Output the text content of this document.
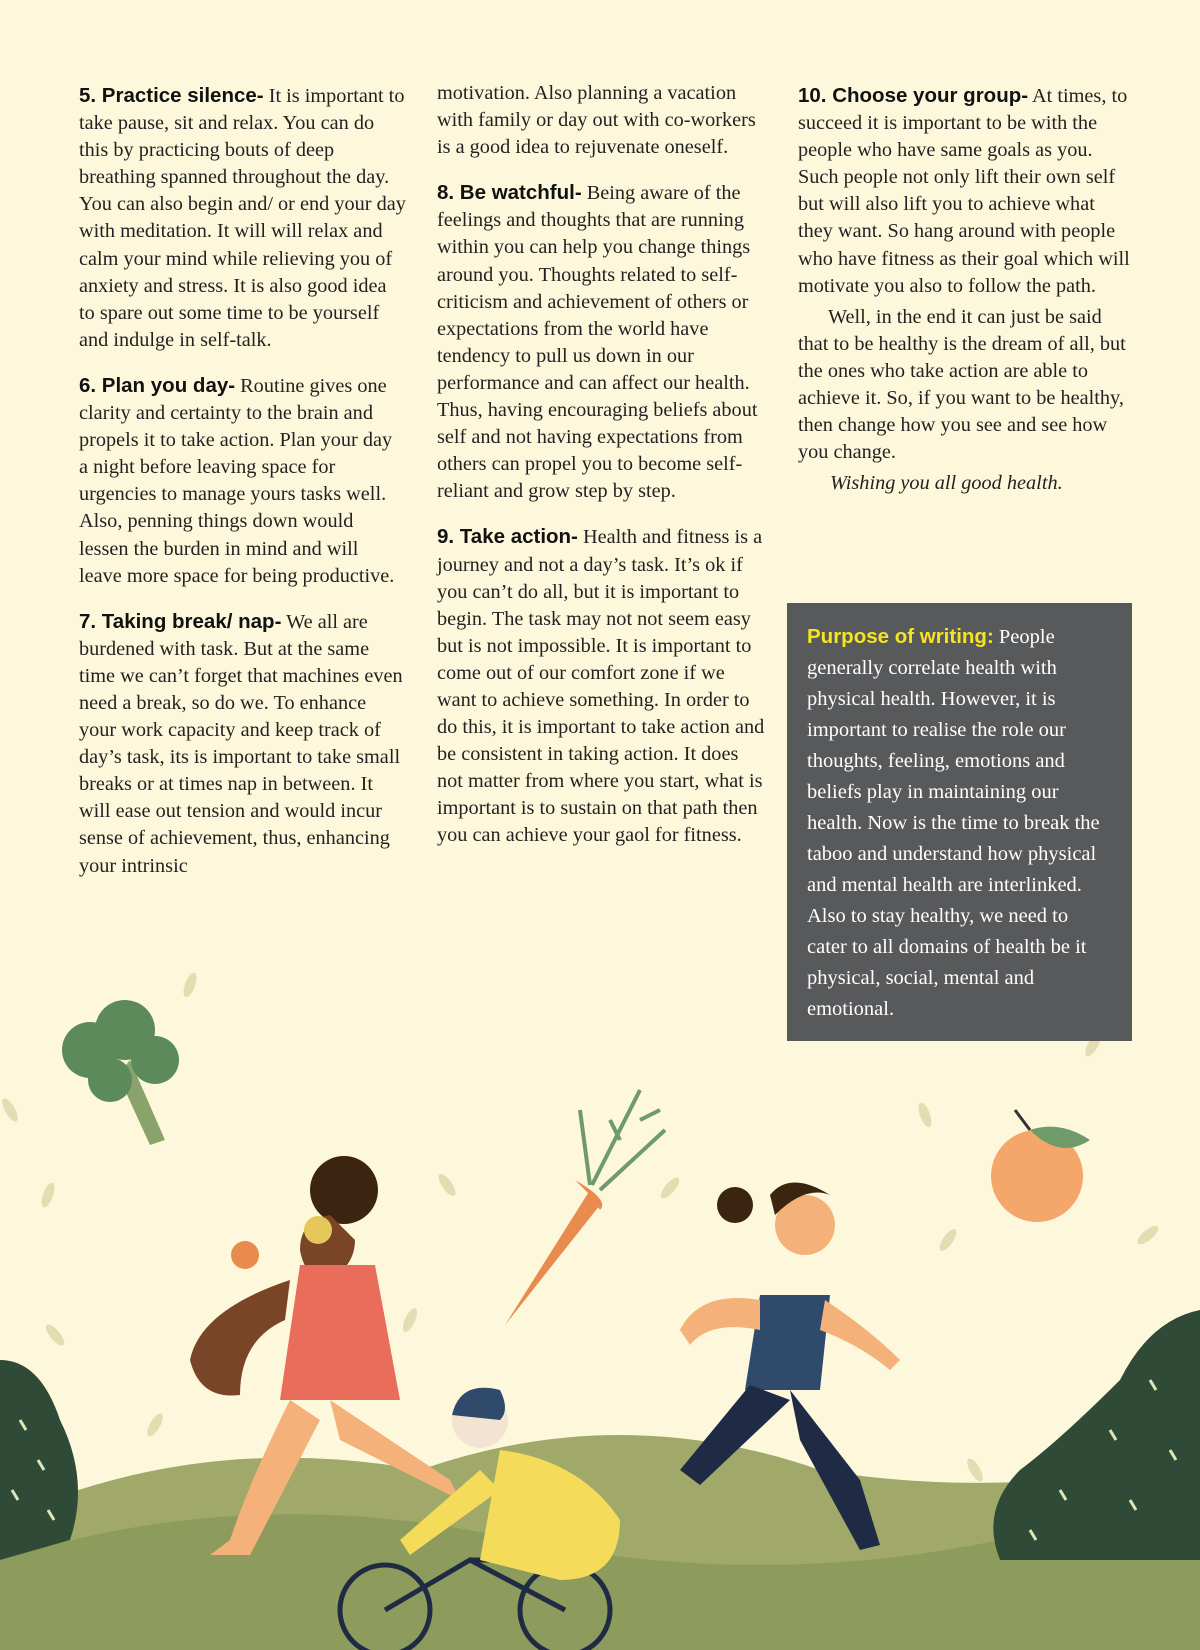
5. Practice silence- It is important to take pause, sit and relax. You can do this by practicing bouts of deep breathing spanned throughout the day. You can also begin and/ or end your day with meditation. It will will relax and calm your mind while relieving you of anxiety and stress. It is also good idea to spare out some time to be yourself and indulge in self-talk.

6. Plan you day- Routine gives one clarity and certainty to the brain and propels it to take action. Plan your day a night before leaving space for urgencies to manage yours tasks well. Also, penning things down would lessen the burden in mind and will leave more space for being productive.

7. Taking break/ nap- We all are burdened with task. But at the same time we can’t forget that machines even need a break, so do we. To enhance your work capacity and keep track of day’s task, its is important to take small breaks or at times nap in between. It will ease out tension and would incur sense of achievement, thus, enhancing your intrinsic

motivation. Also planning a vacation with family or day out with co-workers is a good idea to rejuvenate oneself.

8. Be watchful- Being aware of the feelings and thoughts that are running within you can help you change things around you. Thoughts related to self- criticism and achievement of others or expectations from the world have tendency to pull us down in our performance and can affect our health. Thus, having encouraging beliefs about self and not having expectations from others can propel you to become self- reliant and grow step by step.

9. Take action- Health and fitness is a journey and not a day’s task. It’s ok if you can’t do all, but it is important to begin. The task may not not seem easy but is not impossible. It is important to come out of our comfort zone if we want to achieve something. In order to do this, it is important to take action and be consistent in taking action. It does not matter from where you start, what is important is to sustain on that path then you can achieve your gaol for fitness.

10. Choose your group- At times, to succeed it is important to be with the people who have same goals as you. Such people not only lift their own self but will also lift you to achieve what they want. So hang around with people who have fitness as their goal which will motivate you also to follow the path.

Well, in the end it can just be said that to be healthy is the dream of all, but the ones who take action are able to achieve it. So, if you want to be healthy, then change how you see and see how you change.

Wishing you all good health.

Purpose of writing: People generally correlate health with physical health. However, it is important to realise the role our thoughts, feeling, emotions and beliefs play in maintaining our health. Now is the time to break the taboo and understand how physical and mental health are interlinked. Also to stay healthy, we need to cater to all domains of health be it physical, social, mental and emotional.
